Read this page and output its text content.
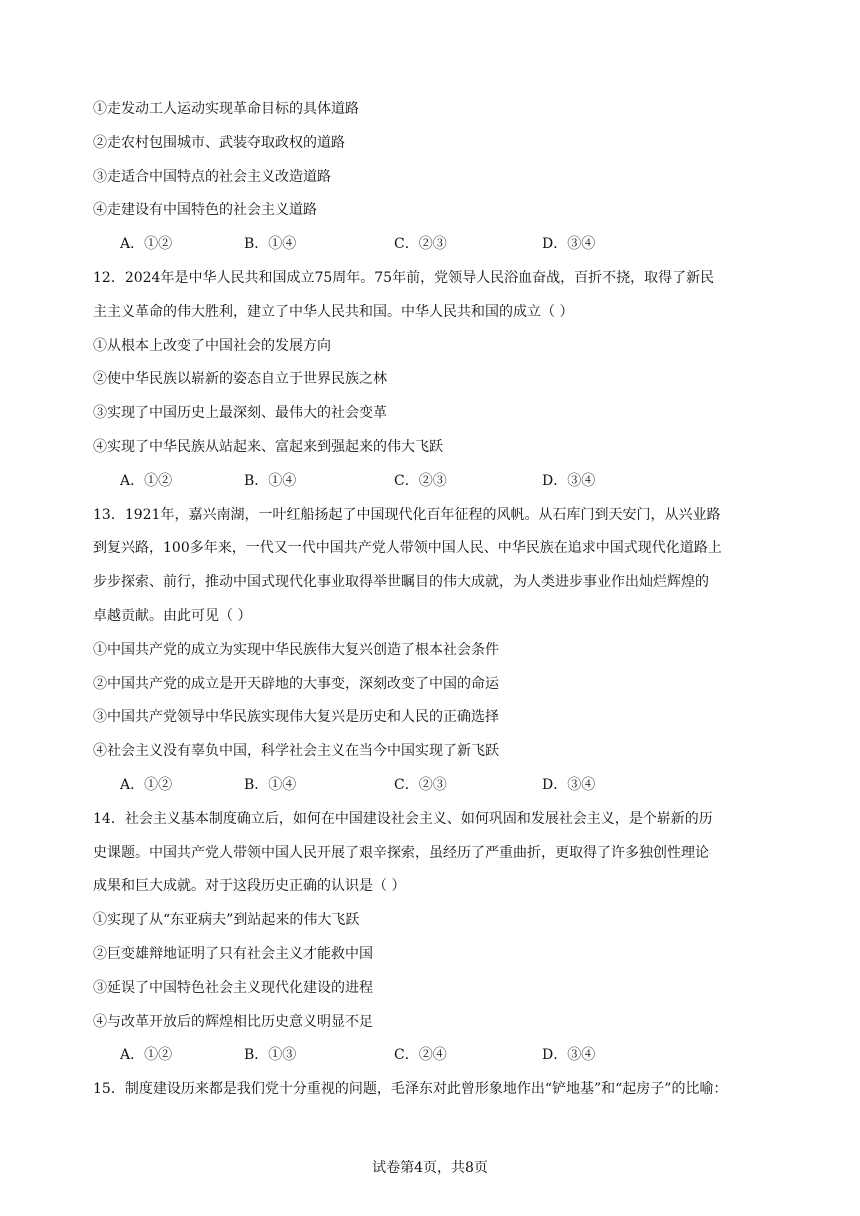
①走发动工人运动实现革命目标的具体道路
②走农村包围城市、武装夺取政权的道路
③走适合中国特点的社会主义改造道路
④走建设有中国特色的社会主义道路
A．①②	B．①④	C．②③	D．③④
12．2024年是中华人民共和国成立75周年。75年前，党领导人民浴血奋战，百折不挠，取得了新民
主主义革命的伟大胜利，建立了中华人民共和国。中华人民共和国的成立（ ）
①从根本上改变了中国社会的发展方向
②使中华民族以崭新的姿态自立于世界民族之林
③实现了中国历史上最深刻、最伟大的社会变革
④实现了中华民族从站起来、富起来到强起来的伟大飞跃
A．①②	B．①④	C．②③	D．③④
13．1921年，嘉兴南湖，一叶红船扬起了中国现代化百年征程的风帆。从石库门到天安门，从兴业路
到复兴路，100多年来，一代又一代中国共产党人带领中国人民、中华民族在追求中国式现代化道路上
步步探索、前行，推动中国式现代化事业取得举世瞩目的伟大成就，为人类进步事业作出灿烂辉煌的
卓越贡献。由此可见（ ）
①中国共产党的成立为实现中华民族伟大复兴创造了根本社会条件
②中国共产党的成立是开天辟地的大事变，深刻改变了中国的命运
③中国共产党领导中华民族实现伟大复兴是历史和人民的正确选择
④社会主义没有辜负中国，科学社会主义在当今中国实现了新飞跃
A．①②	B．①④	C．②③	D．③④
14．社会主义基本制度确立后，如何在中国建设社会主义、如何巩固和发展社会主义，是个崭新的历
史课题。中国共产党人带领中国人民开展了艰辛探索，虽经历了严重曲折，更取得了许多独创性理论
成果和巨大成就。对于这段历史正确的认识是（ ）
①实现了从“东亚病夫”到站起来的伟大飞跃
②巨变雄辩地证明了只有社会主义才能救中国
③延误了中国特色社会主义现代化建设的进程
④与改革开放后的辉煌相比历史意义明显不足
A．①②	B．①③	C．②④	D．③④
15．制度建设历来都是我们党十分重视的问题，毛泽东对此曾形象地作出“铲地基”和“起房子”的比喻：
试卷第4页，共8页
